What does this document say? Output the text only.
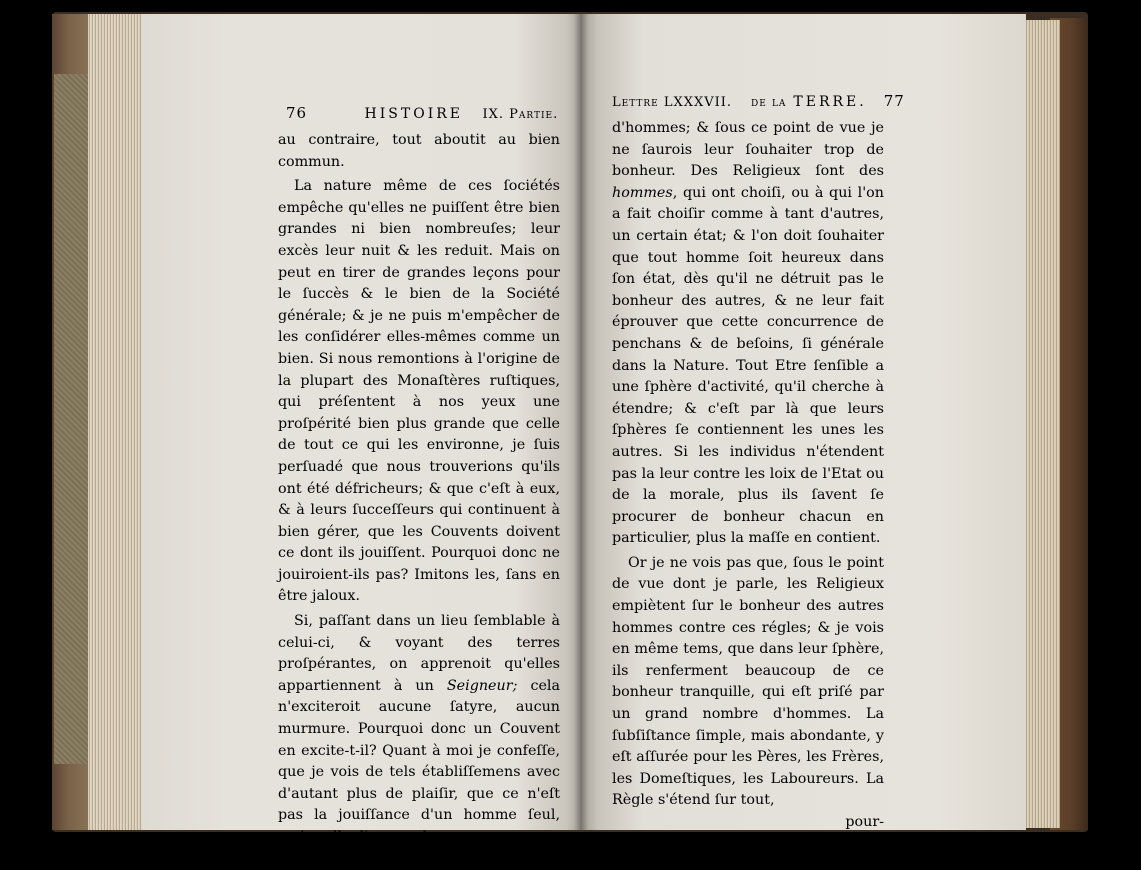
76	HISTOIRE IX. Partie.

au contraire, tout aboutit au bien commun.

La nature même de ces ſociétés empêche qu'elles ne puiſſent être bien grandes ni bien nombreuſes; leur excès leur nuit & les reduit. Mais on peut en tirer de grandes leçons pour le ſuccès & le bien de la Société générale; & je ne puis m'empêcher de les conſidérer elles-mêmes comme un bien. Si nous remontions à l'origine de la plupart des Monaſtères ruſtiques, qui préſentent à nos yeux une proſpérité bien plus grande que celle de tout ce qui les environne, je ſuis perſuadé que nous trouverions qu'ils ont été défricheurs; & que c'eſt à eux, & à leurs ſucceſſeurs qui continuent à bien gérer, que les Couvents doivent ce dont ils jouiſſent. Pourquoi donc ne jouiroient-ils pas? Imitons les, ſans en être jaloux.

Si, paſſant dans un lieu ſemblable à celui-ci, & voyant des terres proſpérantes, on apprenoit qu'elles appartiennent à un Seigneur; cela n'exciteroit aucune ſatyre, aucun murmure. Pourquoi donc un Couvent en excite-t-il? Quant à moi je confeſſe, que je vois de tels établiſſemens avec d'autant plus de plaiſir, que ce n'eſt pas la jouiſſance d'un homme ſeul, mais celle d'un nombre

d'hom-

Lettre LXXXVII. de la TERRE. 77

d'hommes; & ſous ce point de vue je ne ſaurois leur ſouhaiter trop de bonheur. Des Religieux ſont des hommes, qui ont choiſi, ou à qui l'on a fait choiſir comme à tant d'autres, un certain état; & l'on doit ſouhaiter que tout homme ſoit heureux dans ſon état, dès qu'il ne détruit pas le bonheur des autres, & ne leur fait éprouver que cette concurrence de penchans & de beſoins, ſi générale dans la Nature. Tout Etre ſenſible a une ſphère d'activité, qu'il cherche à étendre; & c'eſt par là que leurs ſphères ſe contiennent les unes les autres. Si les individus n'étendent pas la leur contre les loix de l'Etat ou de la morale, plus ils ſavent ſe procurer de bonheur chacun en particulier, plus la maſſe en contient.

Or je ne vois pas que, ſous le point de vue dont je parle, les Religieux empiètent ſur le bonheur des autres hommes contre ces régles; & je vois en même tems, que dans leur ſphère, ils renferment beaucoup de ce bonheur tranquille, qui eſt priſé par un grand nombre d'hommes. La ſubſiſtance ſimple, mais abondante, y eſt aſſurée pour les Pères, les Frères, les Domeſtiques, les Laboureurs. La Règle s'étend ſur tout,

pour-
